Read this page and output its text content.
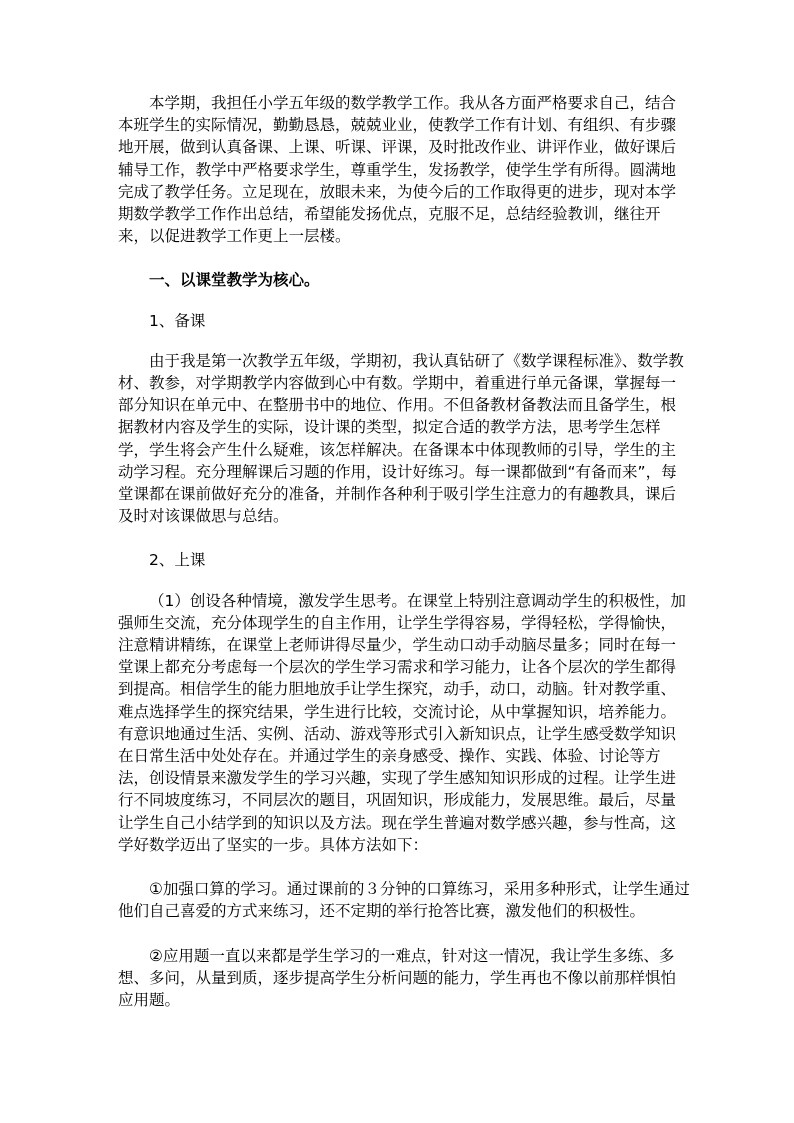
本学期，我担任小学五年级的数学教学工作。我从各方面严格要求自己，结合本班学生的实际情况，勤勤恳恳，兢兢业业，使教学工作有计划、有组织、有步骤地开展，做到认真备课、上课、听课、评课，及时批改作业、讲评作业，做好课后辅导工作，教学中严格要求学生，尊重学生，发扬教学，使学生学有所得。圆满地完成了教学任务。立足现在，放眼未来，为使今后的工作取得更的进步，现对本学期数学教学工作作出总结，希望能发扬优点，克服不足，总结经验教训，继往开来，以促进教学工作更上一层楼。

一、以课堂教学为核心。

1、备课

由于我是第一次教学五年级，学期初，我认真钻研了《数学课程标准》、数学教材、教参，对学期教学内容做到心中有数。学期中，着重进行单元备课，掌握每一部分知识在单元中、在整册书中的地位、作用。不但备教材备教法而且备学生，根据教材内容及学生的实际，设计课的类型，拟定合适的教学方法，思考学生怎样学，学生将会产生什么疑难，该怎样解决。在备课本中体现教师的引导，学生的主动学习程。充分理解课后习题的作用，设计好练习。每一课都做到“有备而来”，每堂课都在课前做好充分的准备，并制作各种利于吸引学生注意力的有趣教具，课后及时对该课做思与总结。

2、上课

（1）创设各种情境，激发学生思考。在课堂上特别注意调动学生的积极性，加强师生交流，充分体现学生的自主作用，让学生学得容易，学得轻松，学得愉快，注意精讲精练，在课堂上老师讲得尽量少，学生动口动手动脑尽量多；同时在每一堂课上都充分考虑每一个层次的学生学习需求和学习能力，让各个层次的学生都得到提高。相信学生的能力胆地放手让学生探究，动手，动口，动脑。针对教学重、难点选择学生的探究结果，学生进行比较，交流讨论，从中掌握知识，培养能力。有意识地通过生活、实例、活动、游戏等形式引入新知识点，让学生感受数学知识在日常生活中处处存在。并通过学生的亲身感受、操作、实践、体验、讨论等方法，创设情景来激发学生的学习兴趣，实现了学生感知知识形成的过程。让学生进行不同坡度练习，不同层次的题目，巩固知识，形成能力，发展思维。最后，尽量让学生自己小结学到的知识以及方法。现在学生普遍对数学感兴趣，参与性高，这学好数学迈出了坚实的一步。具体方法如下：

①加强口算的学习。通过课前的３分钟的口算练习，采用多种形式，让学生通过他们自己喜爱的方式来练习，还不定期的举行抢答比赛，激发他们的积极性。

②应用题一直以来都是学生学习的一难点，针对这一情况，我让学生多练、多想、多问，从量到质，逐步提高学生分析问题的能力，学生再也不像以前那样惧怕应用题。
